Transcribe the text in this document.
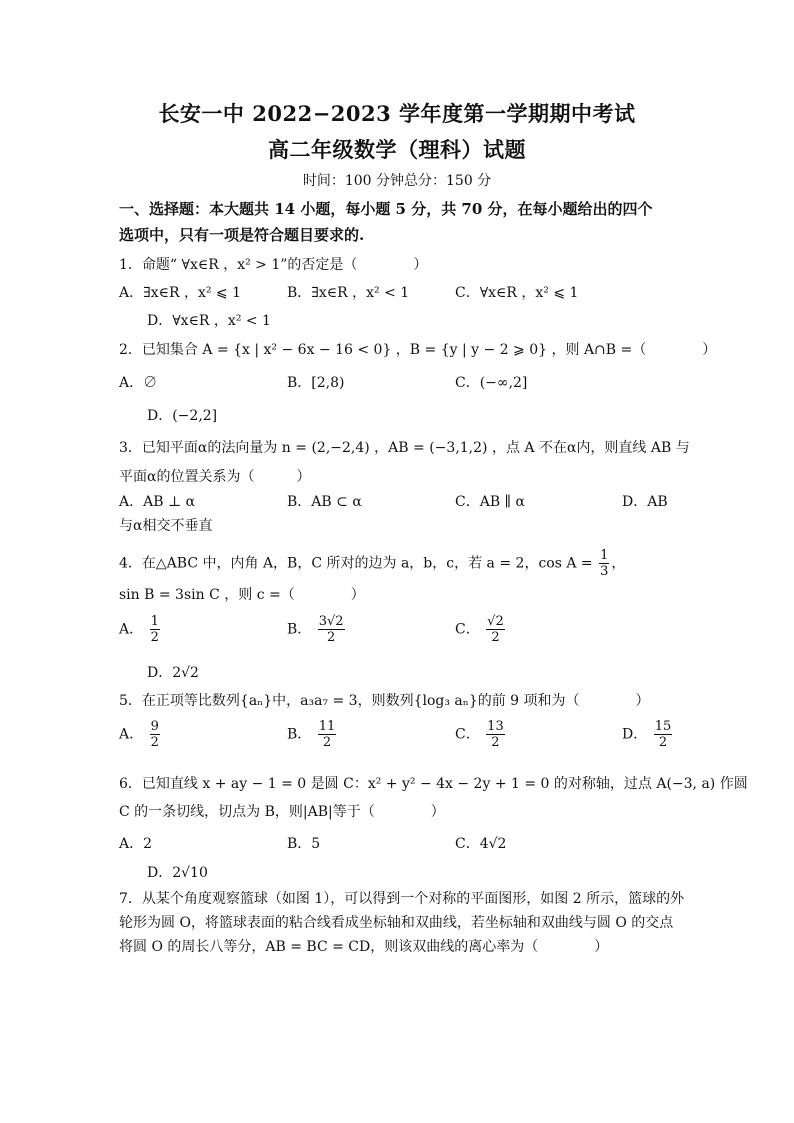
长安一中 2022−2023 学年度第一学期期中考试
高二年级数学（理科）试题
时间：100 分钟总分：150 分
一、选择题：本大题共 14 小题，每小题 5 分，共 70 分，在每小题给出的四个
选项中，只有一项是符合题目要求的.
1．命题“ ∀x∈R ，x² > 1”的否定是（　　　　）
A．∃x∈R ，x² ⩽ 1	B．∃x∈R ，x² < 1	C．∀x∈R ，x² ⩽ 1
D．∀x∈R ，x² < 1
2．已知集合 A = {x | x² − 6x − 16 < 0} ，B = {y | y − 2 ⩾ 0} ，则 A∩B =（　　　　）
A．∅	B．[2,8)	C．(−∞,2]
D．(−2,2]
3．已知平面α的法向量为 n = (2,−2,4) ，AB = (−3,1,2) ，点 A 不在α内，则直线 AB 与
平面α的位置关系为（　　　）
A．AB ⊥ α	B．AB ⊂ α	C．AB ∥ α	D．AB
与α相交不垂直
4．在△ABC 中，内角 A，B，C 所对的边为 a，b，c，若 a = 2，$\cos A = \frac{1}{3}$ ，
sin B = 3sin C ，则 c =（　　　　）
A． $\frac{1}{2}$	B． $\frac{3√2}{2}$	C． $\frac{√2}{2}$
D．2√2
5．在正项等比数列{aₙ}中，a₃a₇ = 3，则数列{log₃ aₙ}的前 9 项和为（　　　　）
A． $\frac{9}{2}$	B． $\frac{11}{2}$	C． $\frac{13}{2}$	D． $\frac{15}{2}$
6．已知直线 x + ay − 1 = 0 是圆 C：x² + y² − 4x − 2y + 1 = 0 的对称轴，过点 A(−3, a) 作圆
C 的一条切线，切点为 B，则|AB|等于（　　　　）
A．2	B．5	C．4√2
D．2√10
7．从某个角度观察篮球（如图 1），可以得到一个对称的平面图形，如图 2 所示，篮球的外
轮形为圆 O，将篮球表面的粘合线看成坐标轴和双曲线，若坐标轴和双曲线与圆 O 的交点
将圆 O 的周长八等分，AB = BC = CD，则该双曲线的离心率为（　　　　）
